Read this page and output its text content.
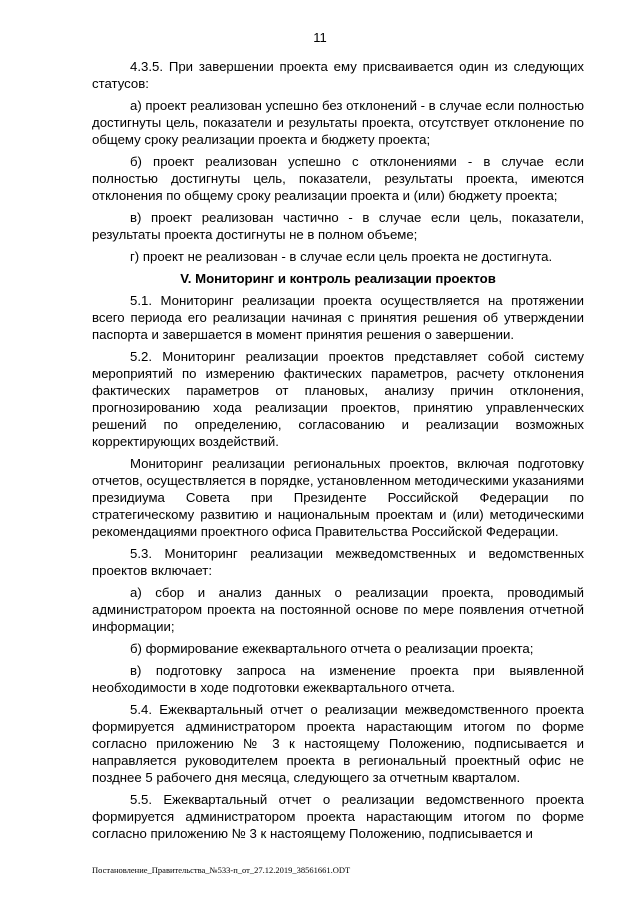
11

4.3.5. При завершении проекта ему присваивается один из следующих статусов:

а) проект реализован успешно без отклонений - в случае если полностью достигнуты цель, показатели и результаты проекта, отсутствует отклонение по общему сроку реализации проекта и бюджету проекта;

б) проект реализован успешно с отклонениями - в случае если полностью достигнуты цель, показатели, результаты проекта, имеются отклонения по общему сроку реализации проекта и (или) бюджету проекта;

в) проект реализован частично - в случае если цель, показатели, результаты проекта достигнуты не в полном объеме;

г) проект не реализован - в случае если цель проекта не достигнута.

V. Мониторинг и контроль реализации проектов

5.1. Мониторинг реализации проекта осуществляется на протяжении всего периода его реализации начиная с принятия решения об утверждении паспорта и завершается в момент принятия решения о завершении.

5.2. Мониторинг реализации проектов представляет собой систему мероприятий по измерению фактических параметров, расчету отклонения фактических параметров от плановых, анализу причин отклонения, прогнозированию хода реализации проектов, принятию управленческих решений по определению, согласованию и реализации возможных корректирующих воздействий.

Мониторинг реализации региональных проектов, включая подготовку отчетов, осуществляется в порядке, установленном методическими указаниями президиума Совета при Президенте Российской Федерации по стратегическому развитию и национальным проектам и (или) методическими рекомендациями проектного офиса Правительства Российской Федерации.

5.3. Мониторинг реализации межведомственных и ведомственных проектов включает:

а) сбор и анализ данных о реализации проекта, проводимый администратором проекта на постоянной основе по мере появления отчетной информации;

б) формирование ежеквартального отчета о реализации проекта;

в) подготовку запроса на изменение проекта при выявленной необходимости в ходе подготовки ежеквартального отчета.

5.4. Ежеквартальный отчет о реализации межведомственного проекта формируется администратором проекта нарастающим итогом по форме согласно приложению № 3 к настоящему Положению, подписывается и направляется руководителем проекта в региональный проектный офис не позднее 5 рабочего дня месяца, следующего за отчетным кварталом.

5.5. Ежеквартальный отчет о реализации ведомственного проекта формируется администратором проекта нарастающим итогом по форме согласно приложению № 3 к настоящему Положению, подписывается и

Постановление_Правительства_№533-п_от_27.12.2019_38561661.ODT
